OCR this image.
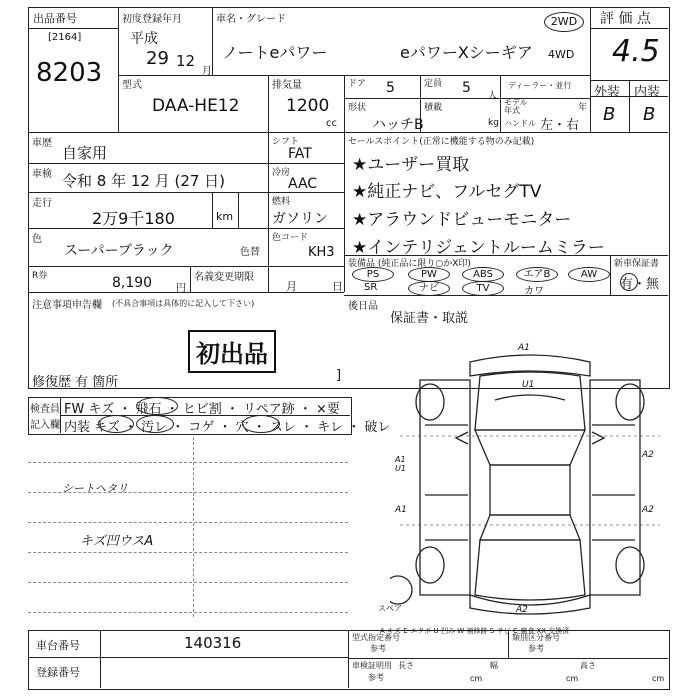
出品番号
[2164]
8203
初度登録年月
平成
29 12
月
車名・グレード
ノートeパワー	eパワーXシーギア
2WD
4WD
評 価 点
4.5
型式
DAA-HE12
排気量
1200
cc
ドア 5	定員 5 人
ディーラー・並行
モデル年式	年
形状
ハッチB
積載
kg ハンドル 左・右
外装 内装
B B
車歴
自家用
車検 令和 8 年 12 月 (27 日)
走行
2万9千180	km
色
スーパーブラック	色替
R券	8,190 円
名義変更期限
月	日
シフト
FAT
冷房
AAC
燃料
ガソリン
色コード
KH3
セールスポイント(正常に機能する物のみ記載)
★ユーザー買取
★純正ナビ、フルセグTV
★アラウンドビューモニター
★インテリジェントルームミラー
装備品 (純正品に限り○かX印)
PS	PW	ABS	エアB	AW
SR	ナビ	TV	カワ
新車保証書
有・無
後日品
保証書・取説
注意事項申告欄 (不具合事項は具体的に記入して下さい)
初出品
修復歴 有 箇所	]
検査員
記入欄
FW キズ ・ 飛石 ・ ヒビ割 ・ リペア跡 ・ ×要
内装 キズ ・ 汚レ ・ コゲ ・ 穴 ・ スレ ・ キレ ・ 破レ
シートヘタリ
キズ凹ウスA
A1
U1
A2
A1 U1
A1	A2
A2
スペア
A-キズ E-エクボ U-凹み W-補修跡 S-サビ C-腐食 XX-交換済
車台番号	140316
登録番号
型式指定番号
参考
類別区分番号
参考
車検証明用
参考
長さ
cm
幅
cm
高さ
cm
